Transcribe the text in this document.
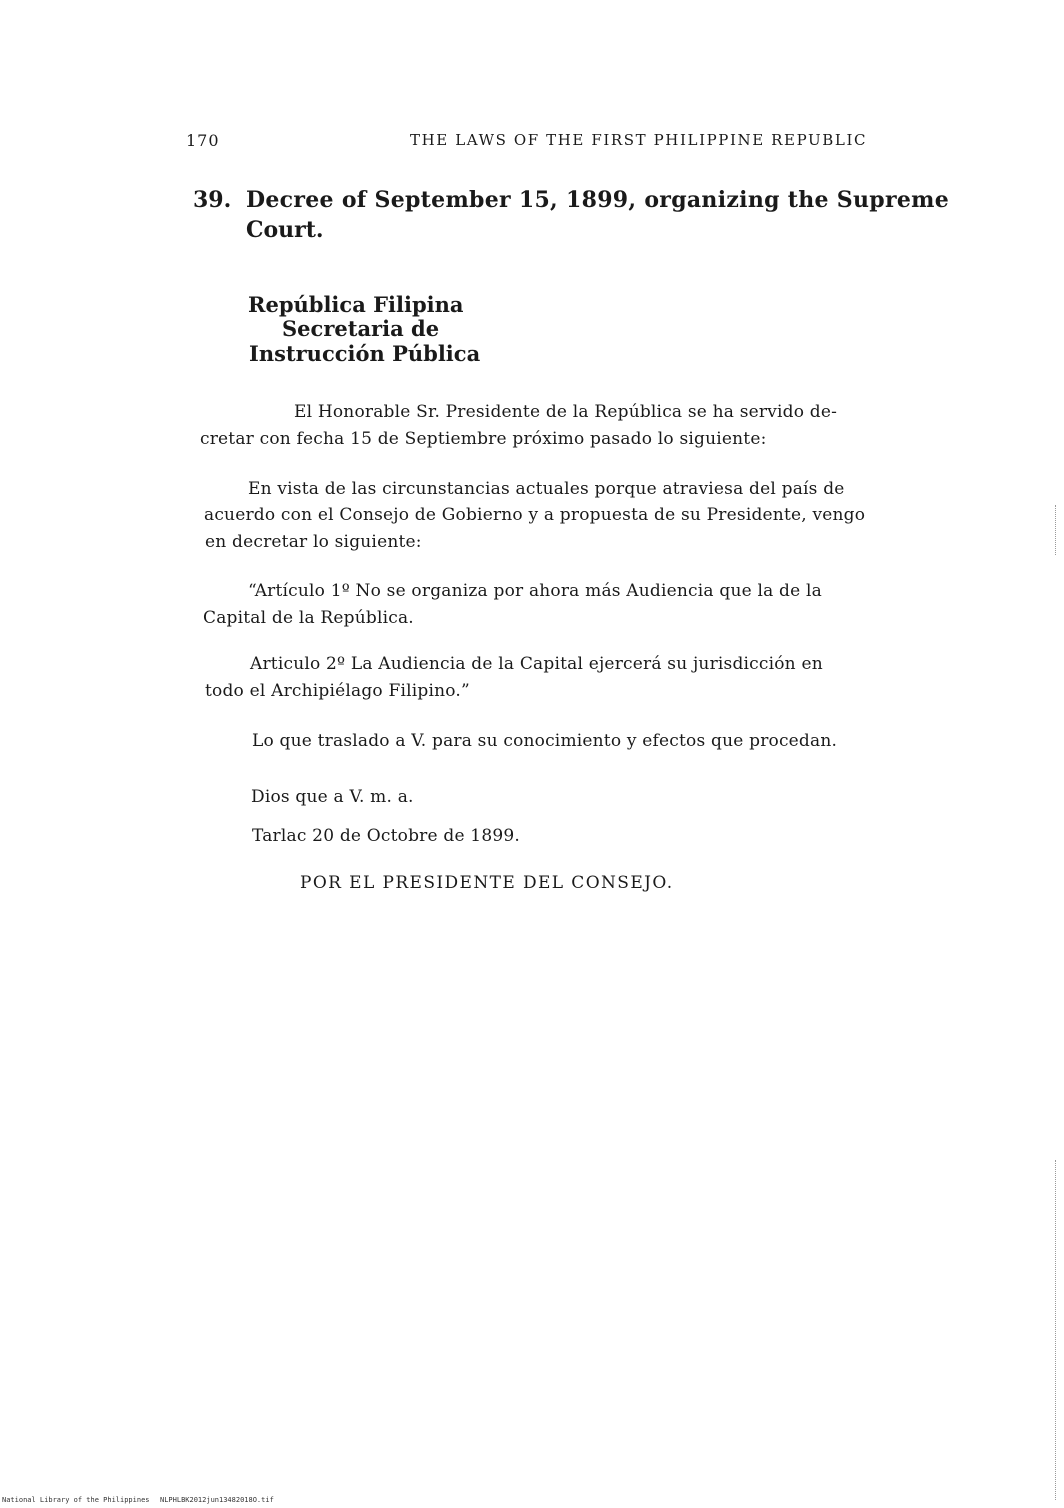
170	THE LAWS OF THE FIRST PHILIPPINE REPUBLIC
39. Decree of September 15, 1899, organizing the Supreme
Court.
República Filipina
Secretaria de
Instrucción Pública
El Honorable Sr. Presidente de la República se ha servido de-
cretar con fecha 15 de Septiembre próximo pasado lo siguiente:
En vista de las circunstancias actuales porque atraviesa del país de
acuerdo con el Consejo de Gobierno y a propuesta de su Presidente, vengo
en decretar lo siguiente:
“Artículo 1º No se organiza por ahora más Audiencia que la de la
Capital de la República.
Articulo 2º La Audiencia de la Capital ejercerá su jurisdicción en
todo el Archipiélago Filipino.”
Lo que traslado a V. para su conocimiento y efectos que procedan.
Dios que a V. m. a.
Tarlac 20 de Octobre de 1899.
POR EL PRESIDENTE DEL CONSEJO.
National Library of the Philippines NLPHLBK2012jun13482018O.tif
